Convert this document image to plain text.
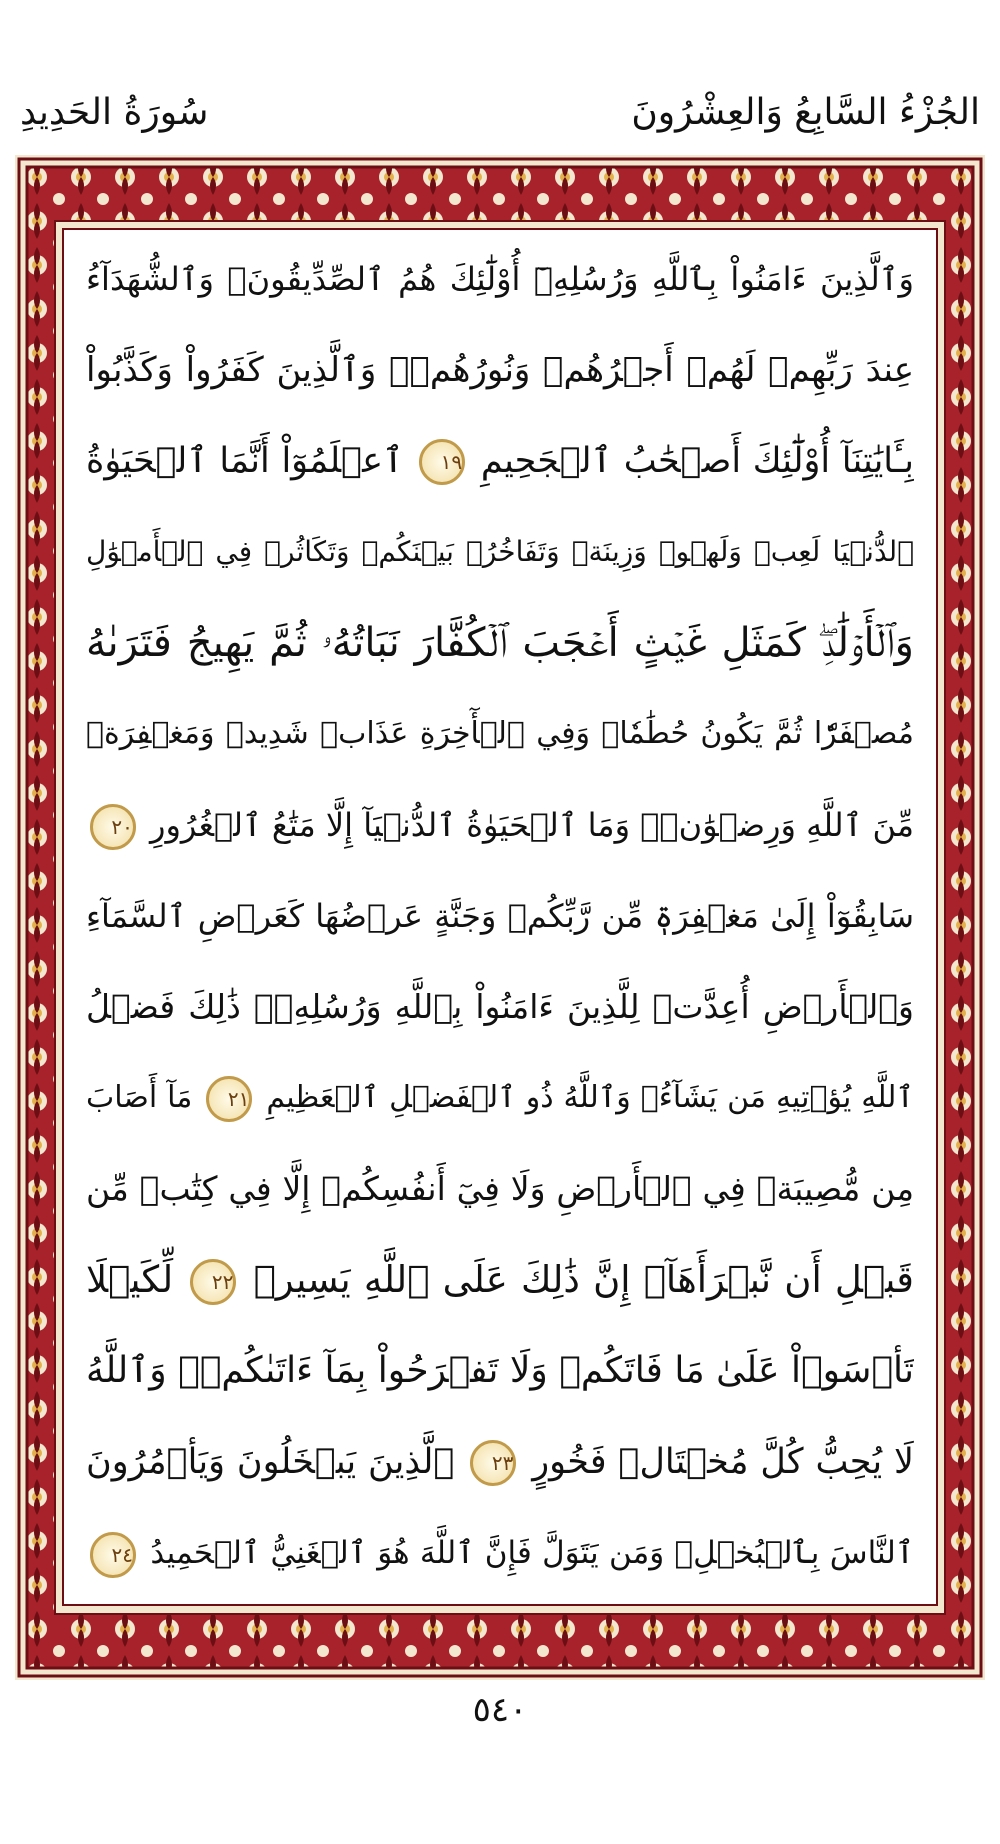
سُورَةُ الحَدِيدِ	الجُزْءُ السَّابِعُ وَالعِشْرُونَ
وَٱلَّذِينَ ءَامَنُواْ بِٱللَّهِ وَرُسُلِهِۦٓ أُوْلَٰٓئِكَ هُمُ ٱلصِّدِّيقُونَۖ وَٱلشُّهَدَآءُ
عِندَ رَبِّهِمۡ لَهُمۡ أَجۡرُهُمۡ وَنُورُهُمۡۖ وَٱلَّذِينَ كَفَرُواْ وَكَذَّبُواْ
بِـَٔايَٰتِنَآ أُوْلَٰٓئِكَ أَصۡحَٰبُ ٱلۡجَحِيمِ ١٩ ٱعۡلَمُوٓاْ أَنَّمَا ٱلۡحَيَوٰةُ
ٱلدُّنۡيَا لَعِبٞ وَلَهۡوٞ وَزِينَةٞ وَتَفَاخُرُۢ بَيۡنَكُمۡ وَتَكَاثُرٞ فِي ٱلۡأَمۡوَٰلِ
وَٱلۡأَوۡلَٰدِۖ كَمَثَلِ غَيۡثٍ أَعۡجَبَ ٱلۡكُفَّارَ نَبَاتُهُۥ ثُمَّ يَهِيجُ فَتَرَىٰهُ
مُصۡفَرّٗا ثُمَّ يَكُونُ حُطَٰمٗاۖ وَفِي ٱلۡأٓخِرَةِ عَذَابٞ شَدِيدٞ وَمَغۡفِرَةٞ
مِّنَ ٱللَّهِ وَرِضۡوَٰنٞۚ وَمَا ٱلۡحَيَوٰةُ ٱلدُّنۡيَآ إِلَّا مَتَٰعُ ٱلۡغُرُورِ ٢٠
سَابِقُوٓاْ إِلَىٰ مَغۡفِرَةٖ مِّن رَّبِّكُمۡ وَجَنَّةٍ عَرۡضُهَا كَعَرۡضِ ٱلسَّمَآءِ
وَٱلۡأَرۡضِ أُعِدَّتۡ لِلَّذِينَ ءَامَنُواْ بِٱللَّهِ وَرُسُلِهِۦۚ ذَٰلِكَ فَضۡلُ
ٱللَّهِ يُؤۡتِيهِ مَن يَشَآءُۚ وَٱللَّهُ ذُو ٱلۡفَضۡلِ ٱلۡعَظِيمِ ٢١ مَآ أَصَابَ
مِن مُّصِيبَةٖ فِي ٱلۡأَرۡضِ وَلَا فِيٓ أَنفُسِكُمۡ إِلَّا فِي كِتَٰبٖ مِّن
قَبۡلِ أَن نَّبۡرَأَهَآۚ إِنَّ ذَٰلِكَ عَلَى ٱللَّهِ يَسِيرٞ ٢٢ لِّكَيۡلَا
تَأۡسَوۡاْ عَلَىٰ مَا فَاتَكُمۡ وَلَا تَفۡرَحُواْ بِمَآ ءَاتَىٰكُمۡۗ وَٱللَّهُ
لَا يُحِبُّ كُلَّ مُخۡتَالٖ فَخُورٍ ٢٣ ٱلَّذِينَ يَبۡخَلُونَ وَيَأۡمُرُونَ
ٱلنَّاسَ بِٱلۡبُخۡلِۗ وَمَن يَتَوَلَّ فَإِنَّ ٱللَّهَ هُوَ ٱلۡغَنِيُّ ٱلۡحَمِيدُ ٢٤
٥٤٠
